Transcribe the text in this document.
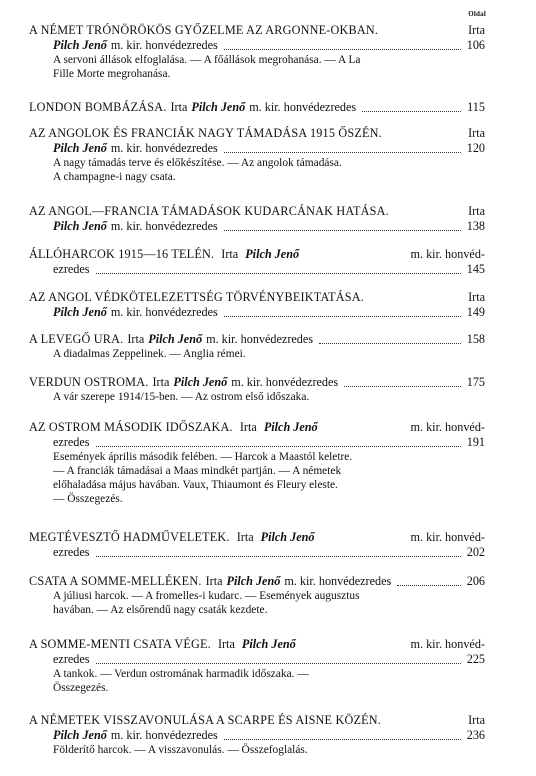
Oldal
A NÉMET TRÓNÖRÖKÖS GYŐZELME AZ ARGONNE-OKBAN.	Irta
Pilch Jenő m. kir. honvédezredes	106
A servoni állások elfoglalása. — A főállások megrohanása. — A La
Fille Morte megrohanása.
LONDON BOMBÁZÁSA. Irta Pilch Jenő m. kir. honvédezredes	115
AZ ANGOLOK ÉS FRANCIÁK NAGY TÁMADÁSA 1915 ŐSZÉN.	Irta
Pilch Jenő m. kir. honvédezredes	120
A nagy támadás terve és előkészítése. — Az angolok támadása.
A champagne-i nagy csata.
AZ ANGOL—FRANCIA TÁMADÁSOK KUDARCÁNAK HATÁSA.	Irta
Pilch Jenő m. kir. honvédezredes	138
ÁLLÓHARCOK 1915—16 TELÉN. Irta Pilch Jenő	m. kir. honvéd-
ezredes	145
AZ ANGOL VÉDKÖTELEZETTSÉG TÖRVÉNYBEIKTATÁSA.	Irta
Pilch Jenő m. kir. honvédezredes	149
A LEVEGŐ URA. Irta Pilch Jenő m. kir. honvédezredes	158
A diadalmas Zeppelinek. — Anglia rémei.
VERDUN OSTROMA. Irta Pilch Jenő m. kir. honvédezredes	175
A vár szerepe 1914/15-ben. — Az ostrom első időszaka.
AZ OSTROM MÁSODIK IDŐSZAKA. Irta Pilch Jenő	m. kir. honvéd-
ezredes	191
Események április második felében. — Harcok a Maastól keletre.
— A franciák támadásai a Maas mindkét partján. — A németek
előhaladása május havában. Vaux, Thiaumont és Fleury eleste.
— Összegezés.
MEGTÉVESZTŐ HADMŰVELETEK. Irta Pilch Jenő	m. kir. honvéd-
ezredes	202
CSATA A SOMME-MELLÉKEN. Irta Pilch Jenő m. kir. honvédezredes	206
A júliusi harcok. — A fromelles-i kudarc. — Események augusztus
havában. — Az elsőrendű nagy csaták kezdete.
A SOMME-MENTI CSATA VÉGE. Irta Pilch Jenő	m. kir. honvéd-
ezredes	225
A tankok. — Verdun ostromának harmadik időszaka. —
Összegezés.
A NÉMETEK VISSZAVONULÁSA A SCARPE ÉS AISNE KÖZÉN.	Irta
Pilch Jenő m. kir. honvédezredes	236
Földerítő harcok. — A visszavonulás. — Összefoglalás.
